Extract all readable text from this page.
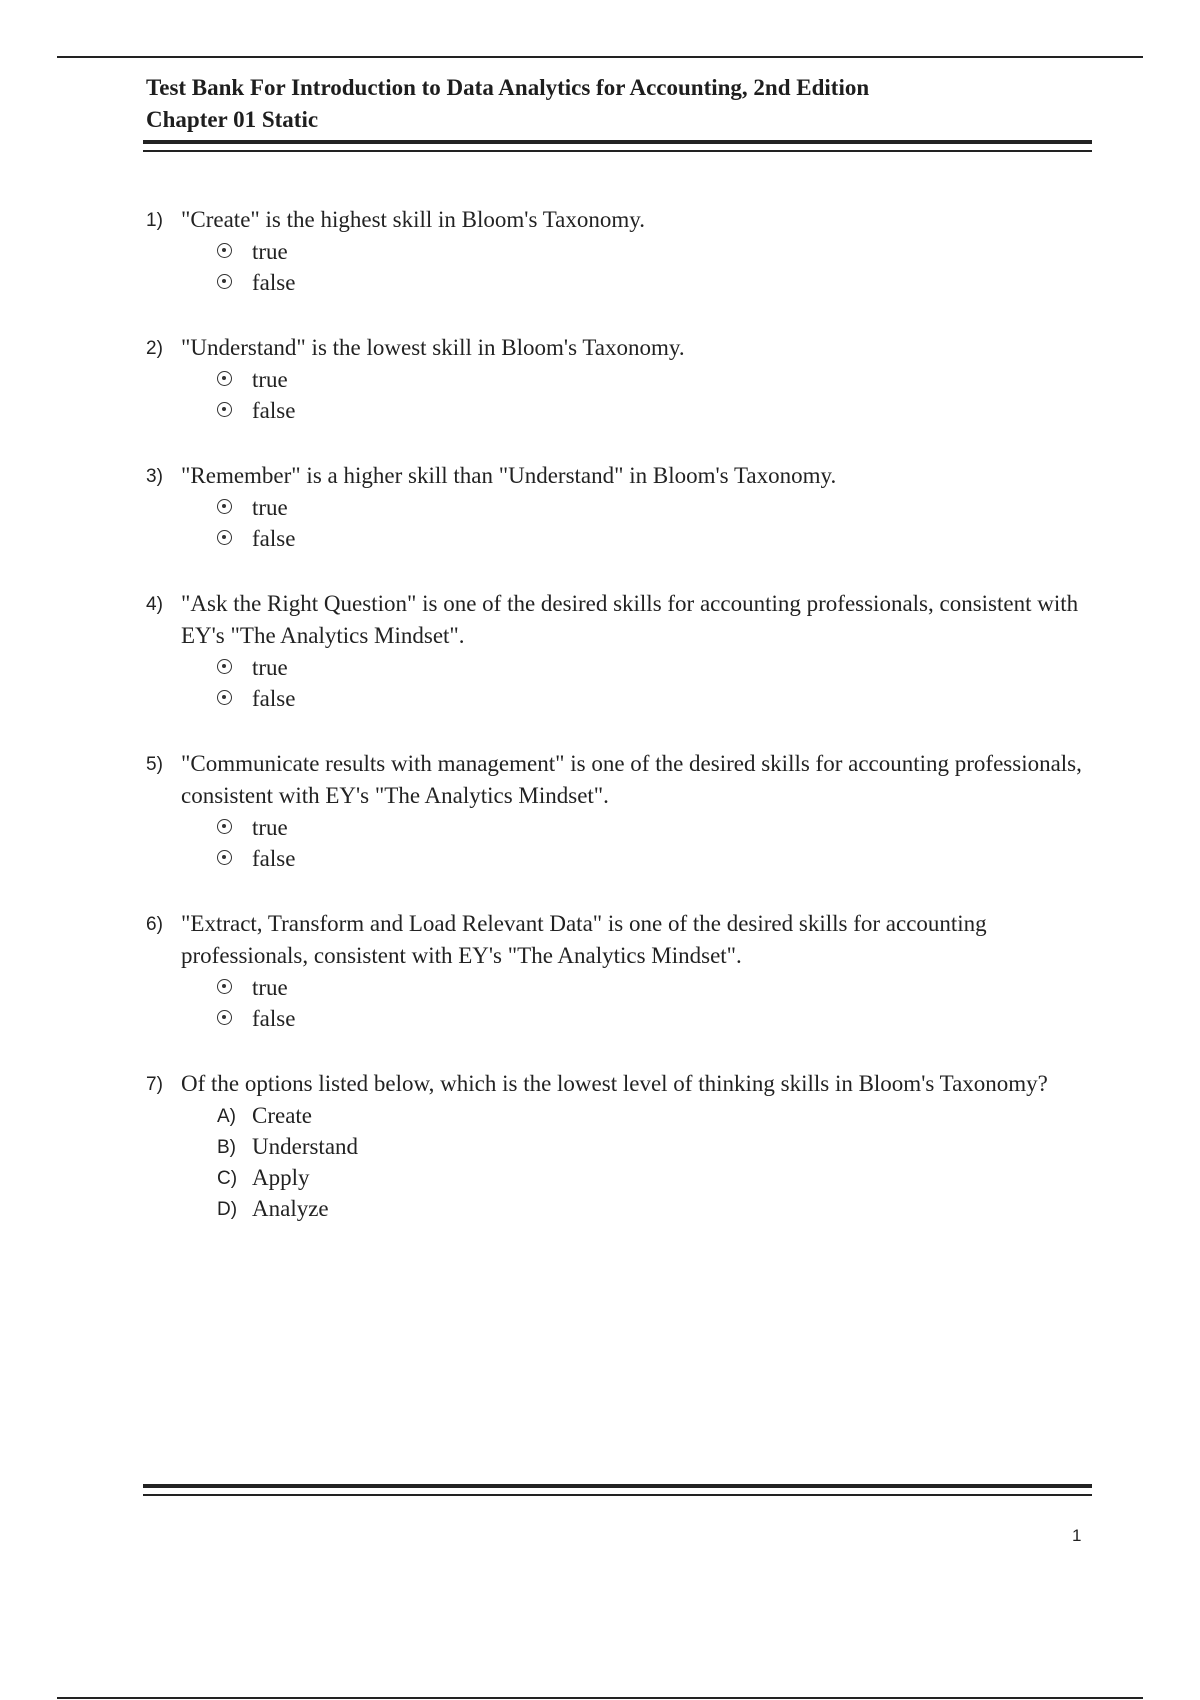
Test Bank For Introduction to Data Analytics for Accounting, 2nd Edition
Chapter 01 Static
1) "Create" is the highest skill in Bloom's Taxonomy.
true
false
2) "Understand" is the lowest skill in Bloom's Taxonomy.
true
false
3) "Remember" is a higher skill than "Understand" in Bloom's Taxonomy.
true
false
4) "Ask the Right Question" is one of the desired skills for accounting professionals, consistent with EY's "The Analytics Mindset".
true
false
5) "Communicate results with management" is one of the desired skills for accounting professionals, consistent with EY's "The Analytics Mindset".
true
false
6) "Extract, Transform and Load Relevant Data" is one of the desired skills for accounting professionals, consistent with EY's "The Analytics Mindset".
true
false
7) Of the options listed below, which is the lowest level of thinking skills in Bloom's Taxonomy?
A) Create
B) Understand
C) Apply
D) Analyze
1
